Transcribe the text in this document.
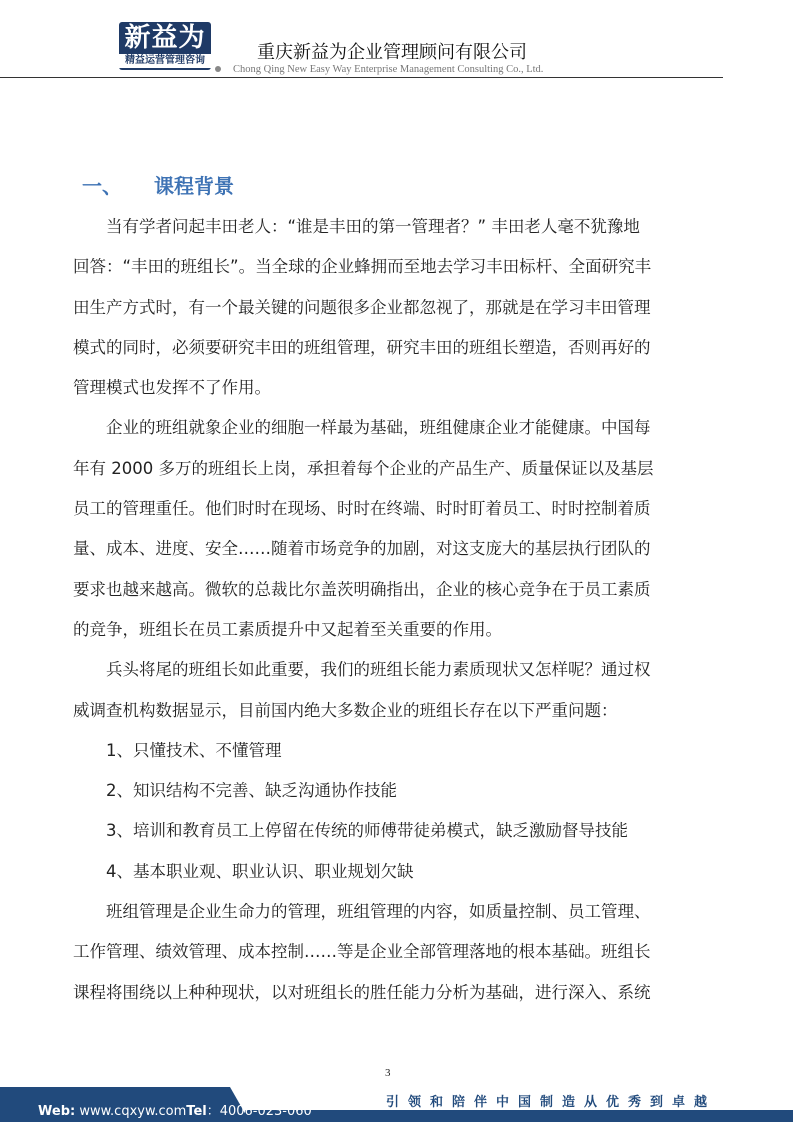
新益为
精益运营管理咨询	重庆新益为企业管理顾问有限公司
Chong Qing New Easy Way Enterprise Management Consulting Co., Ltd.
一、 课程背景
　　当有学者问起丰田老人：“谁是丰田的第一管理者？” 丰田老人毫不犹豫地
回答：“丰田的班组长”。当全球的企业蜂拥而至地去学习丰田标杆、全面研究丰
田生产方式时，有一个最关键的问题很多企业都忽视了，那就是在学习丰田管理
模式的同时，必须要研究丰田的班组管理，研究丰田的班组长塑造，否则再好的
管理模式也发挥不了作用。
　　企业的班组就象企业的细胞一样最为基础，班组健康企业才能健康。中国每
年有 2000 多万的班组长上岗，承担着每个企业的产品生产、质量保证以及基层
员工的管理重任。他们时时在现场、时时在终端、时时盯着员工、时时控制着质
量、成本、进度、安全……随着市场竞争的加剧，对这支庞大的基层执行团队的
要求也越来越高。微软的总裁比尔盖茨明确指出，企业的核心竞争在于员工素质
的竞争，班组长在员工素质提升中又起着至关重要的作用。
　　兵头将尾的班组长如此重要，我们的班组长能力素质现状又怎样呢？通过权
威调查机构数据显示，目前国内绝大多数企业的班组长存在以下严重问题：
　　1、只懂技术、不懂管理
　　2、知识结构不完善、缺乏沟通协作技能
　　3、培训和教育员工上停留在传统的师傅带徒弟模式，缺乏激励督导技能
　　4、基本职业观、职业认识、职业规划欠缺
　　班组管理是企业生命力的管理，班组管理的内容，如质量控制、员工管理、
工作管理、绩效管理、成本控制……等是企业全部管理落地的根本基础。班组长
课程将围绕以上种种现状，以对班组长的胜任能力分析为基础，进行深入、系统
3
Web: www.cqxyw.comTel：4006-023-060
引领和陪伴中国制造从优秀到卓越
